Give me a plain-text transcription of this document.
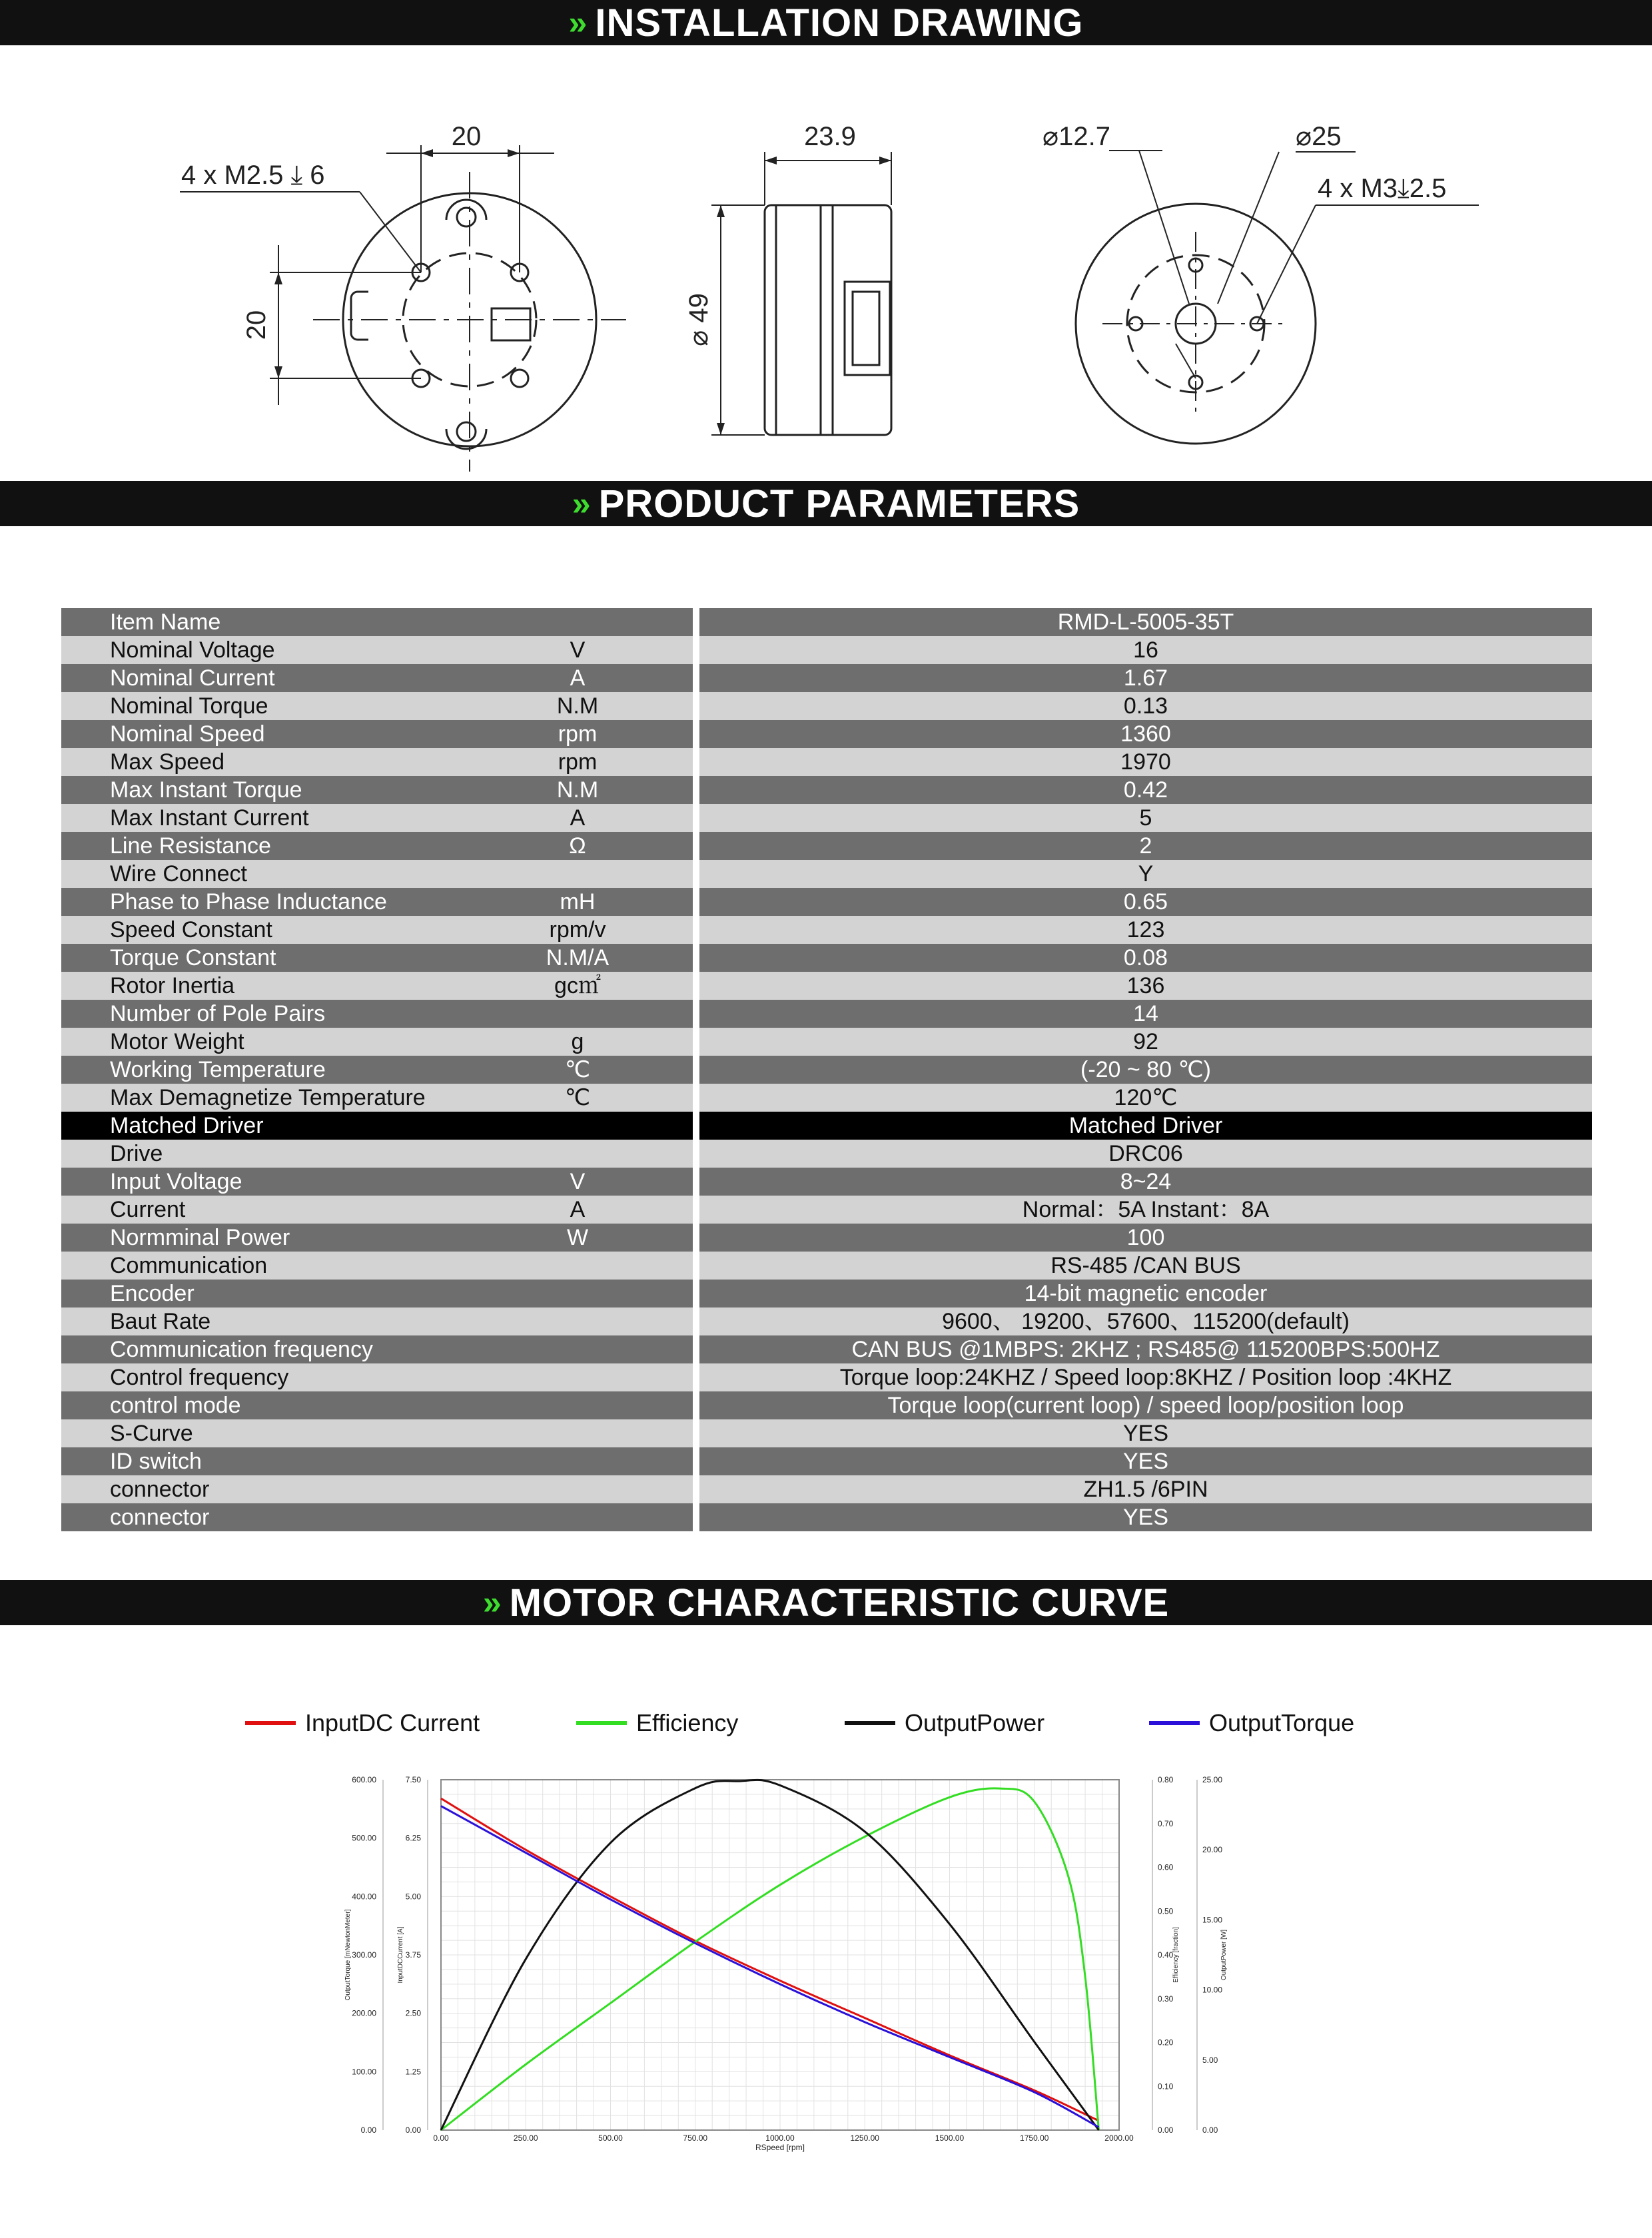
» INSTALLATION DRAWING
20
4 x M2.5 ⤓ 6
20
23.9
⌀ 49
⌀12.7	⌀25
4 x M3⤓2.5
» PRODUCT PARAMETERS
Item Name	RMD-L-5005-35T
Nominal Voltage	V	16
Nominal Current	A	1.67
Nominal Torque	N.M	0.13
Nominal Speed	rpm	1360
Max Speed	rpm	1970
Max Instant Torque	N.M	0.42
Max Instant Current	A	5
Line Resistance	Ω	2
Wire Connect	Y
Phase to Phase Inductance	mH	0.65
Speed Constant	rpm/v	123
Torque Constant	N.M/A	0.08
Rotor Inertia	gc㎡	136
Number of Pole Pairs	14
Motor Weight	g	92
Working Temperature	℃	(-20 ~ 80 ℃)
Max Demagnetize Temperature	℃	120℃
Matched Driver	Matched Driver
Drive	DRC06
Input Voltage	V	8~24
Current	A	Normal：5A Instant：8A
Normminal Power	W	100
Communication	RS-485 /CAN BUS
Encoder	14-bit magnetic encoder
Baut Rate	9600、 19200、57600、115200(default)
Communication frequency	CAN BUS @1MBPS: 2KHZ ; RS485@ 115200BPS:500HZ
Control frequency	Torque loop:24KHZ / Speed loop:8KHZ / Position loop :4KHZ
control mode	Torque loop(current loop) / speed loop/position loop
S-Curve	YES
ID switch	YES
connector	ZH1.5 /6PIN
connector	YES
» MOTOR CHARACTERISTIC CURVE
InputDC Current	Efficiency	OutputPower	OutputTorque
0.00	250.00	500.00	750.00	1000.00	1250.00	1500.00	1750.00	2000.00
RSpeed [rpm]
0.00
100.00
200.00
300.00
400.00
500.00
600.00
OutputTorque [mNewtonMeter]
0.00
1.25
2.50
3.75
5.00
6.25
7.50
InputDCCurrent [A]
0.00
0.10
0.20
0.30
0.40
0.50
0.60
0.70
0.80
Efficiency [fraction]
0.00
5.00
10.00
15.00
20.00
25.00
OutputPower [W]
